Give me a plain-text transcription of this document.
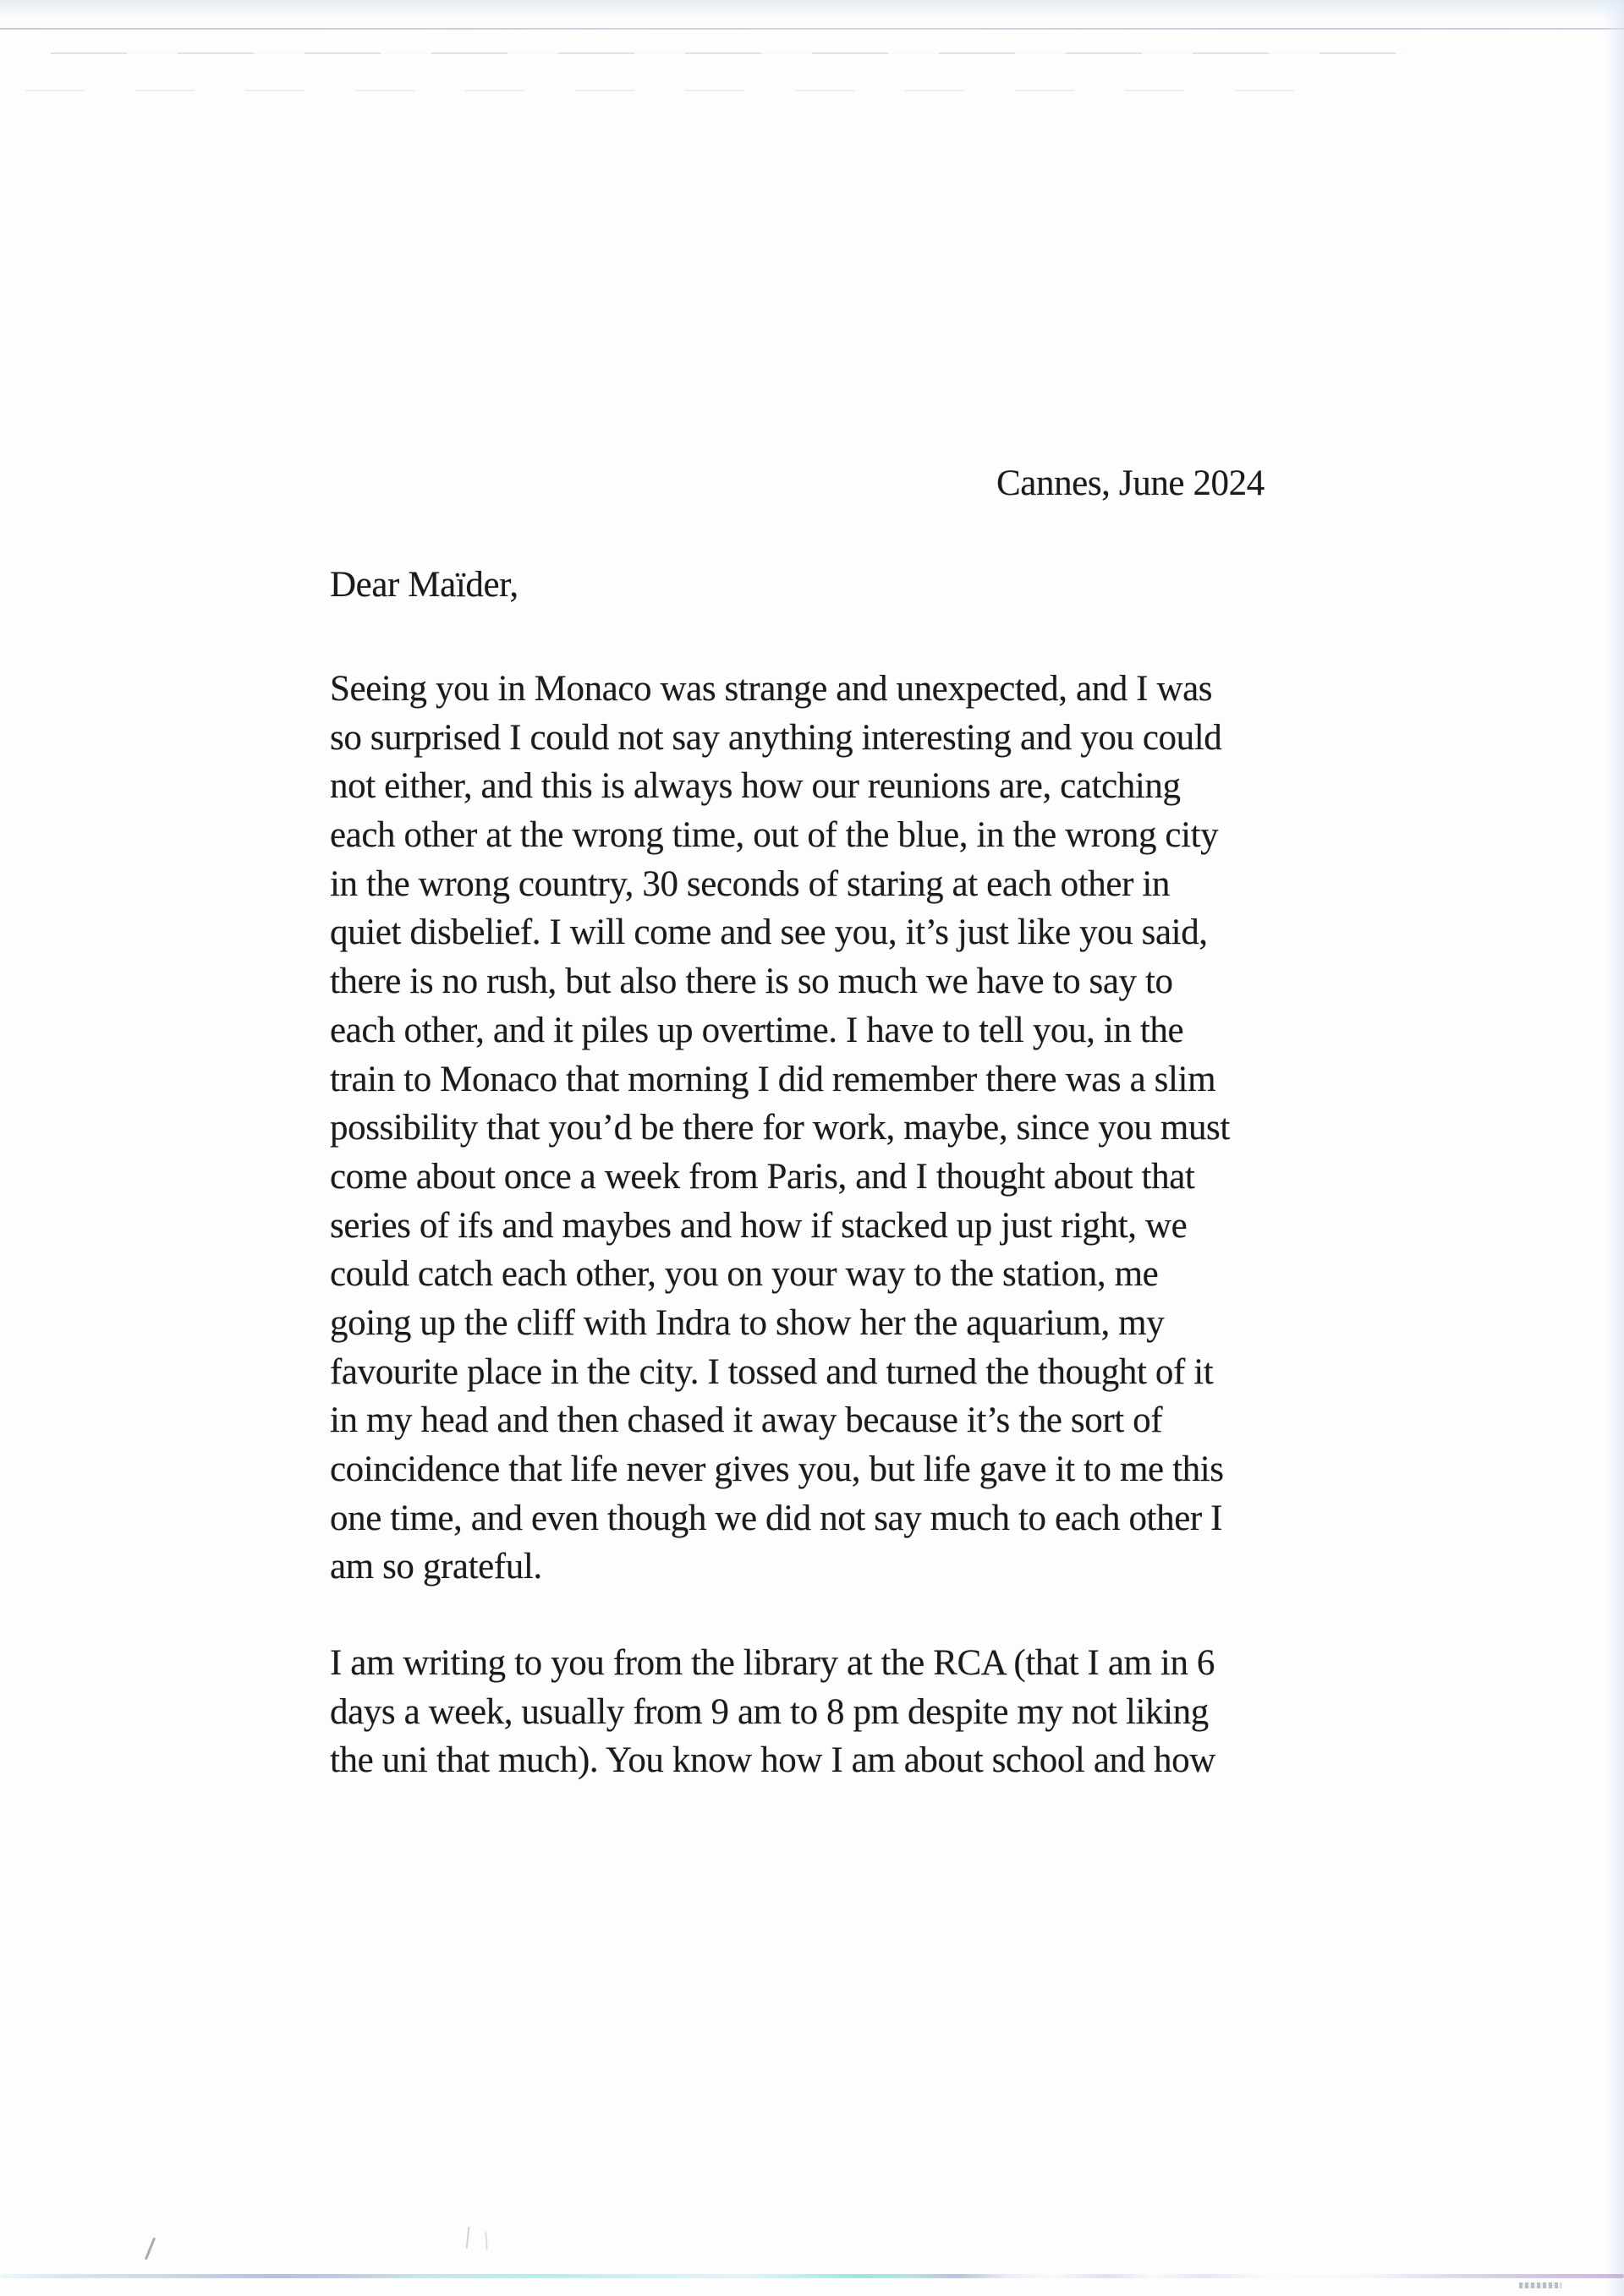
Cannes, June 2024
Dear Maïder,
Seeing you in Monaco was strange and unexpected, and I was
so surprised I could not say anything interesting and you could
not either, and this is always how our reunions are, catching
each other at the wrong time, out of the blue, in the wrong city
in the wrong country, 30 seconds of staring at each other in
quiet disbelief. I will come and see you, it’s just like you said,
there is no rush, but also there is so much we have to say to
each other, and it piles up overtime. I have to tell you, in the
train to Monaco that morning I did remember there was a slim
possibility that you’d be there for work, maybe, since you must
come about once a week from Paris, and I thought about that
series of ifs and maybes and how if stacked up just right, we
could catch each other, you on your way to the station, me
going up the cliff with Indra to show her the aquarium, my
favourite place in the city. I tossed and turned the thought of it
in my head and then chased it away because it’s the sort of
coincidence that life never gives you, but life gave it to me this
one time, and even though we did not say much to each other I
am so grateful.
I am writing to you from the library at the RCA (that I am in 6
days a week, usually from 9 am to 8 pm despite my not liking
the uni that much). You know how I am about school and how
